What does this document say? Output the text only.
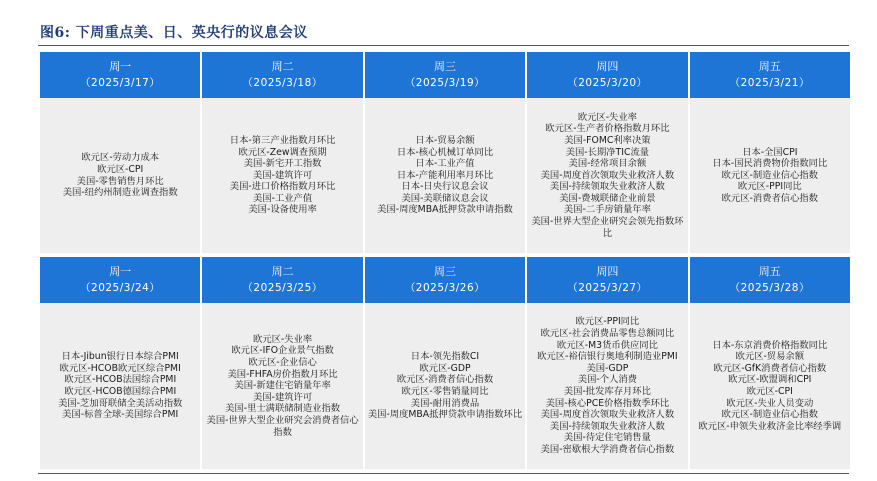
图6: 下周重点美、日、英央行的议息会议
周一
（2025/3/17）
周二
（2025/3/18）
周三
（2025/3/19）
周四
（2025/3/20）
周五
（2025/3/21）
欧元区-劳动力成本
欧元区-CPI
美国-零售销售月环比
美国-纽约州制造业调查指数
日本-第三产业指数月环比
欧元区-Zew调查预期
美国-新宅开工指数
美国-建筑许可
美国-进口价格指数月环比
美国-工业产值
美国-设备使用率
日本-贸易余额
日本-核心机械订单同比
日本-工业产值
日本-产能利用率月环比
日本-日央行议息会议
美国-美联储议息会议
美国-周度MBA抵押贷款申请指数
欧元区-失业率
欧元区-生产者价格指数月环比
美国-FOMC利率决策
美国-长期净TIC流量
美国-经常项目余额
美国-周度首次领取失业救济人数
美国-持续领取失业救济人数
美国-费城联储企业前景
美国-二手房销量年率
美国-世界大型企业研究会领先指数环比
日本-全国CPI
日本-国民消费物价指数同比
欧元区-制造业信心指数
欧元区-PPI同比
欧元区-消费者信心指数
周一
（2025/3/24）
周二
（2025/3/25）
周三
（2025/3/26）
周四
（2025/3/27）
周五
（2025/3/28）
日本-Jibun银行日本综合PMI
欧元区-HCOB欧元区综合PMI
欧元区-HCOB法国综合PMI
欧元区-HCOB德国综合PMI
美国-芝加哥联储全美活动指数
美国-标普全球-美国综合PMI
欧元区-失业率
欧元区-IFO企业景气指数
欧元区-企业信心
美国-FHFA房价指数月环比
美国-新建住宅销量年率
美国-建筑许可
美国-里士满联储制造业指数
美国-世界大型企业研究会消费者信心指数
日本-领先指数CI
欧元区-GDP
欧元区-消费者信心指数
欧元区-零售销量同比
美国-耐用消费品
美国-周度MBA抵押贷款申请指数环比
欧元区-PPI同比
欧元区-社会消费品零售总额同比
欧元区-M3货币供应同比
欧元区-裕信银行奥地利制造业PMI
美国-GDP
美国-个人消费
美国-批发库存月环比
美国-核心PCE价格指数季环比
美国-周度首次领取失业救济人数
美国-持续领取失业救济人数
美国-待定住宅销售量
美国-密歇根大学消费者信心指数
日本-东京消费价格指数同比
欧元区-贸易余额
欧元区-GfK消费者信心指数
欧元区-欧盟调和CPI
欧元区-CPI
欧元区-失业人员变动
欧元区-制造业信心指数
欧元区-申领失业救济金比率经季调
